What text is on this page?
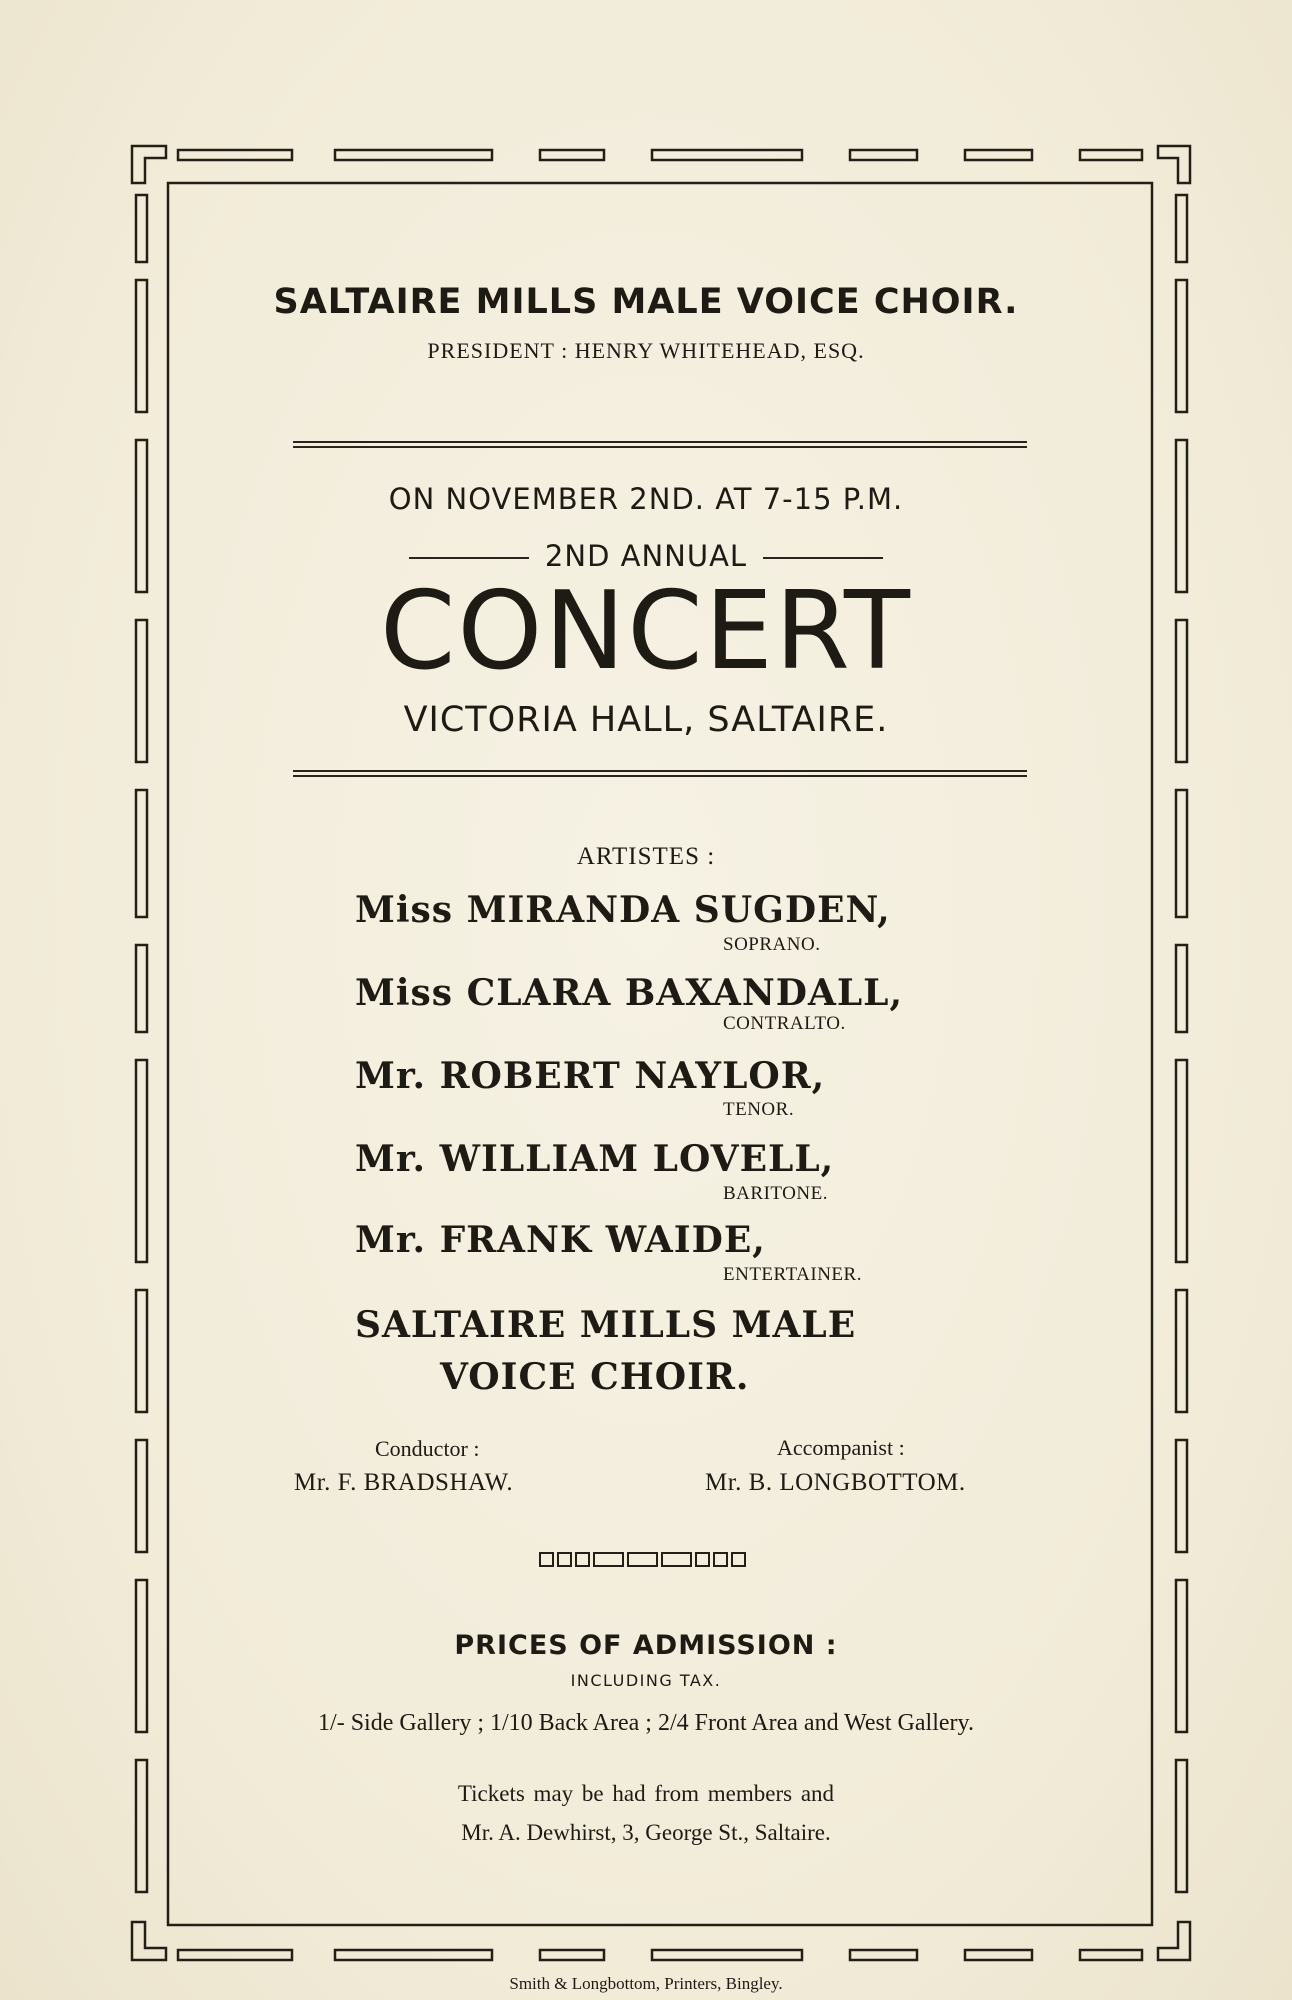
SALTAIRE MILLS MALE VOICE CHOIR.
PRESIDENT : HENRY WHITEHEAD, ESQ.
ON NOVEMBER 2ND. AT 7-15 P.M.
2ND ANNUAL
CONCERT
VICTORIA HALL, SALTAIRE.
ARTISTES :
Miss MIRANDA SUGDEN,
SOPRANO.
Miss CLARA BAXANDALL,
CONTRALTO.
Mr. ROBERT NAYLOR,
TENOR.
Mr. WILLIAM LOVELL,
BARITONE.
Mr. FRANK WAIDE,
ENTERTAINER.
SALTAIRE MILLS MALE
VOICE CHOIR.
Conductor :
Mr. F. BRADSHAW.
Accompanist :
Mr. B. LONGBOTTOM.
PRICES OF ADMISSION :
INCLUDING TAX.
1/- Side Gallery ; 1/10 Back Area ; 2/4 Front Area and West Gallery.
Tickets may be had from members and
Mr. A. Dewhirst, 3, George St., Saltaire.
Smith & Longbottom, Printers, Bingley.
